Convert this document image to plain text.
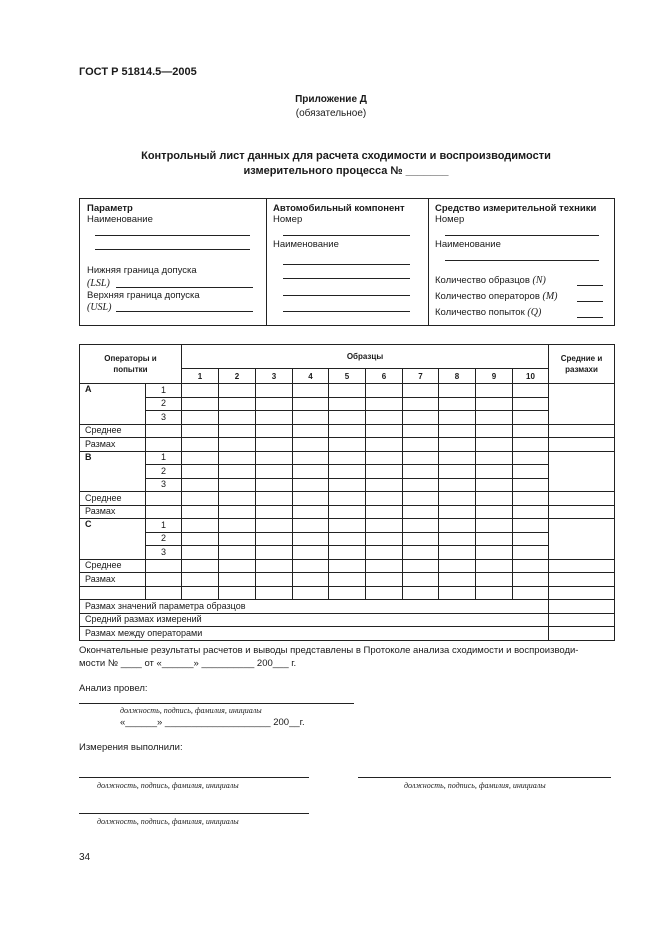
ГОСТ Р 51814.5—2005
Приложение Д
(обязательное)
Контрольный лист данных для расчета сходимости и воспроизводимости
измерительного процесса № _______
Параметр
Наименование
Нижняя граница допуска
(LSL)
Верхняя граница допуска
(USL)
Автомобильный компонент
Номер
Наименование
Средство измерительной техники
Номер
Наименование
Количество образцов (N)
Количество операторов (M)
Количество попыток (Q)
Операторы и попытки		Образцы										Средние и размахи
		1	2	3	4	5	6	7	8	9	10	
А	1											
	2											
	3											
Среднее												
Размах												
В	1											
	2											
	3											
Среднее												
Размах												
С	1											
	2											
	3											
Среднее												
Размах												

Размах значений параметра образцов												
Средний размах измерений												
Размах между операторами												
Окончательные результаты расчетов и выводы представлены в Протоколе анализа сходимости и воспроизводи-
мости № ____ от «______» __________ 200___ г.
Анализ провел:
должность, подпись, фамилия, инициалы
«______» ____________________ 200__г.
Измерения выполнили:
должность, подпись, фамилия, инициалы	должность, подпись, фамилия, инициалы
должность, подпись, фамилия, инициалы
34
